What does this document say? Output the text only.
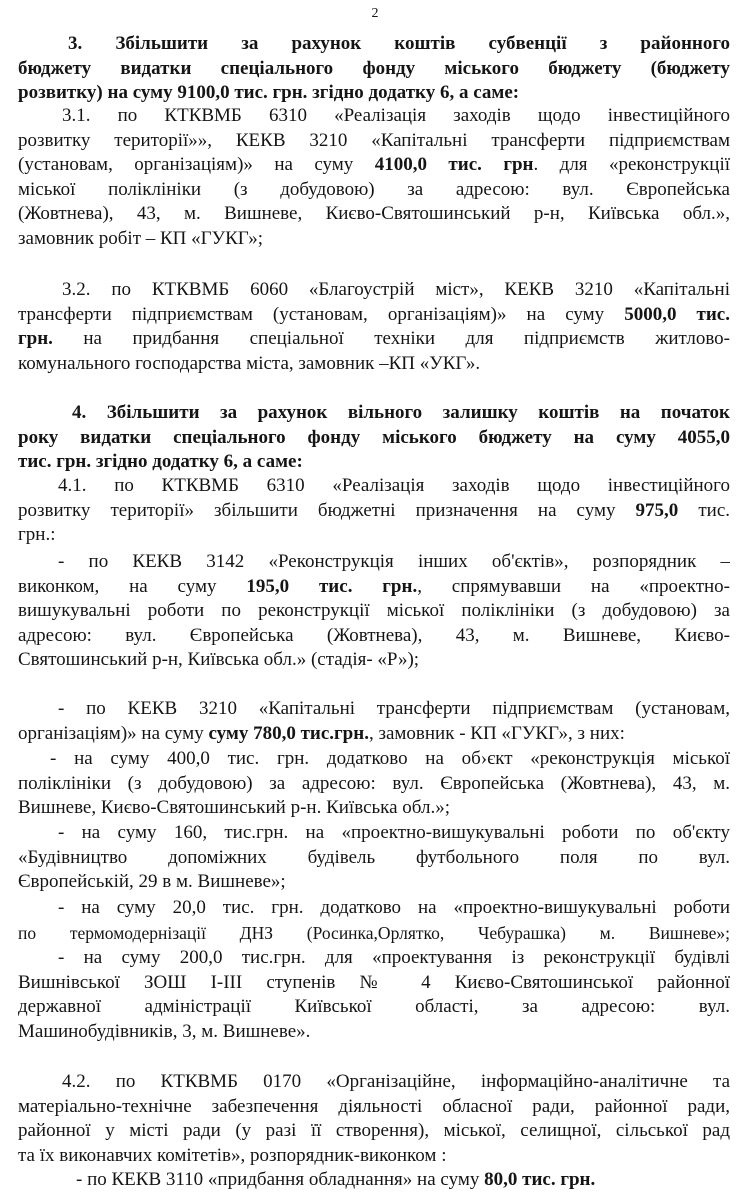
2
3. Збільшити за рахунок коштів субвенції з районного
бюджету видатки спеціального фонду міського бюджету (бюджету
розвитку) на суму 9100,0 тис. грн. згідно додатку 6, а саме:
3.1. по КТКВМБ 6310 «Реалізація заходів щодо інвестиційного
розвитку території»», КЕКВ 3210 «Капітальні трансферти підприємствам
(установам, організаціям)» на суму 4100,0 тис. грн. для «реконструкції
міської поліклініки (з добудовою) за адресою: вул. Європейська
(Жовтнева), 43, м. Вишневе, Києво-Святошинський р-н, Київська обл.»,
замовник робіт – КП «ГУКГ»;
3.2. по КТКВМБ 6060 «Благоустрій міст», КЕКВ 3210 «Капітальні
трансферти підприємствам (установам, організаціям)» на суму 5000,0 тис.
грн. на придбання спеціальної техніки для підприємств житлово-
комунального господарства міста, замовник –КП «УКГ».
4. Збільшити за рахунок вільного залишку коштів на початок
року видатки спеціального фонду міського бюджету на суму 4055,0
тис. грн. згідно додатку 6, а саме:
4.1. по КТКВМБ 6310 «Реалізація заходів щодо інвестиційного
розвитку території» збільшити бюджетні призначення на суму 975,0 тис.
грн.:
- по КЕКВ 3142 «Реконструкція інших об'єктів», розпорядник –
виконком, на суму 195,0 тис. грн., спрямувавши на «проектно-
вишукувальні роботи по реконструкції міської поліклініки (з добудовою) за
адресою: вул. Європейська (Жовтнева), 43, м. Вишневе, Києво-
Святошинський р-н, Київська обл.» (стадія- «Р»);
- по КЕКВ 3210 «Капітальні трансферти підприємствам (установам,
організаціям)» на суму суму 780,0 тис.грн., замовник - КП «ГУКГ», з них:
- на суму 400,0 тис. грн. додатково на об›єкт «реконструкція міської
поліклініки (з добудовою) за адресою: вул. Європейська (Жовтнева), 43, м.
Вишневе, Києво-Святошинський р-н. Київська обл.»;
- на суму 160, тис.грн. на «проектно-вишукувальні роботи по об'єкту
«Будівництво допоміжних будівель футбольного поля по вул.
Європейській, 29 в м. Вишневе»;
- на суму 20,0 тис. грн. додатково на «проектно-вишукувальні роботи
по термомодернізації ДНЗ (Росинка,Орлятко, Чебурашка) м. Вишневе»;
- на суму 200,0 тис.грн. для «проектування із реконструкції будівлі
Вишнівської ЗОШ І-ІІІ ступенів № 4 Києво-Святошинської районної
державної адміністрації Київської області, за адресою: вул.
Машинобудівників, 3, м. Вишневе».
4.2. по КТКВМБ 0170 «Організаційне, інформаційно-аналітичне та
матеріально-технічне забезпечення діяльності обласної ради, районної ради,
районної у місті ради (у разі її створення), міської, селищної, сільської рад
та їх виконавчих комітетів», розпорядник-виконком :
- по КЕКВ 3110 «придбання обладнання» на суму 80,0 тис. грн.
